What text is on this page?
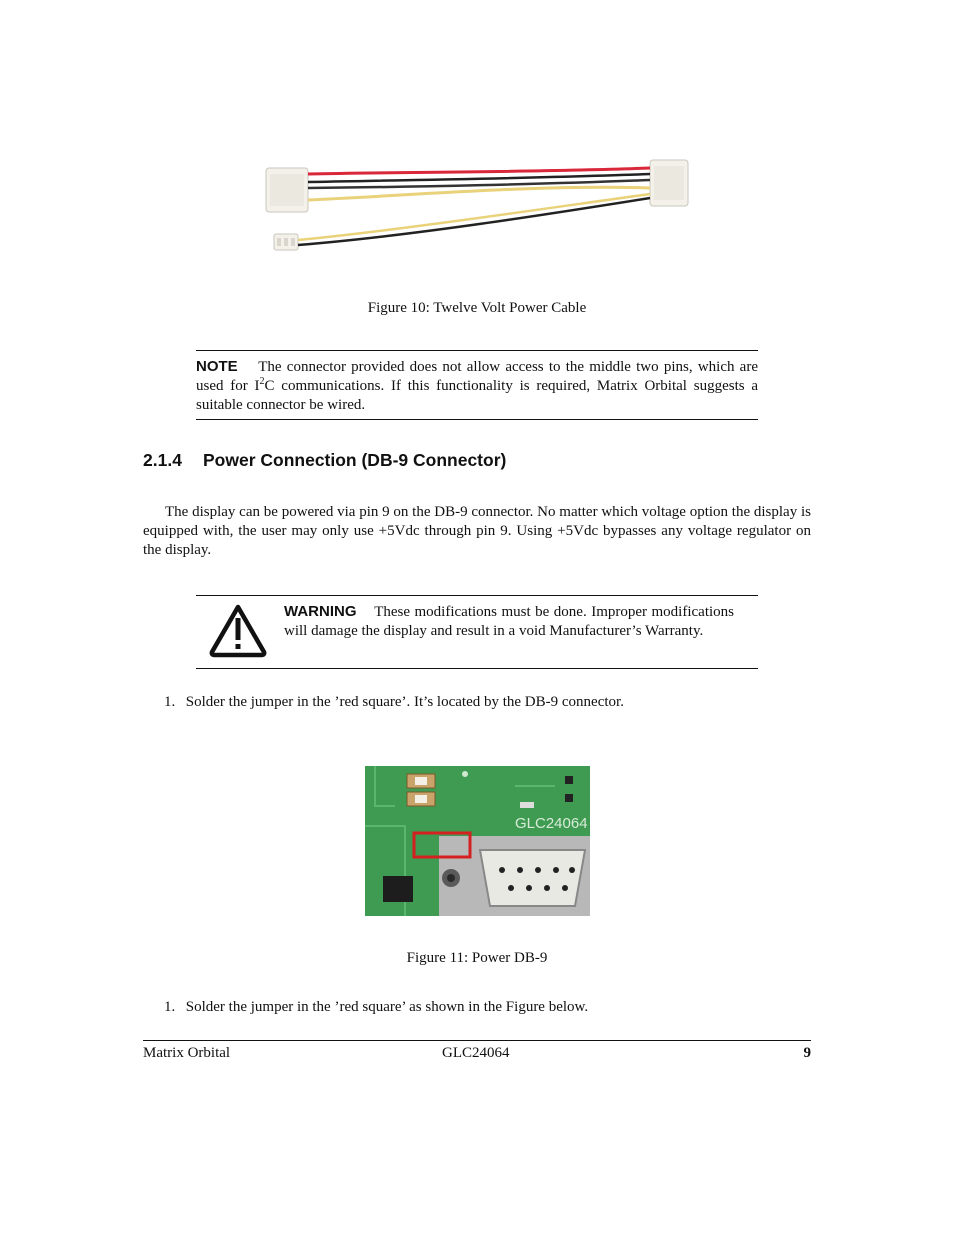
Figure 10: Twelve Volt Power Cable
NOTE The connector provided does not allow access to the middle two pins, which are used for $I^2C$ communications. If this functionality is required, Matrix Orbital suggests a suitable connector be wired.
2.1.4 Power Connection (DB-9 Connector)
The display can be powered via pin 9 on the DB-9 connector. No matter which voltage option the display is equipped with, the user may only use +5Vdc through pin 9. Using +5Vdc bypasses any voltage regulator on the display.
WARNING These modifications must be done. Improper modifications will damage the display and result in a void Manufacturer’s Warranty.
1. Solder the jumper in the ’red square’. It’s located by the DB-9 connector.
GLC24064
Figure 11: Power DB-9
1. Solder the jumper in the ’red square’ as shown in the Figure below.
Matrix Orbital	GLC24064	9
